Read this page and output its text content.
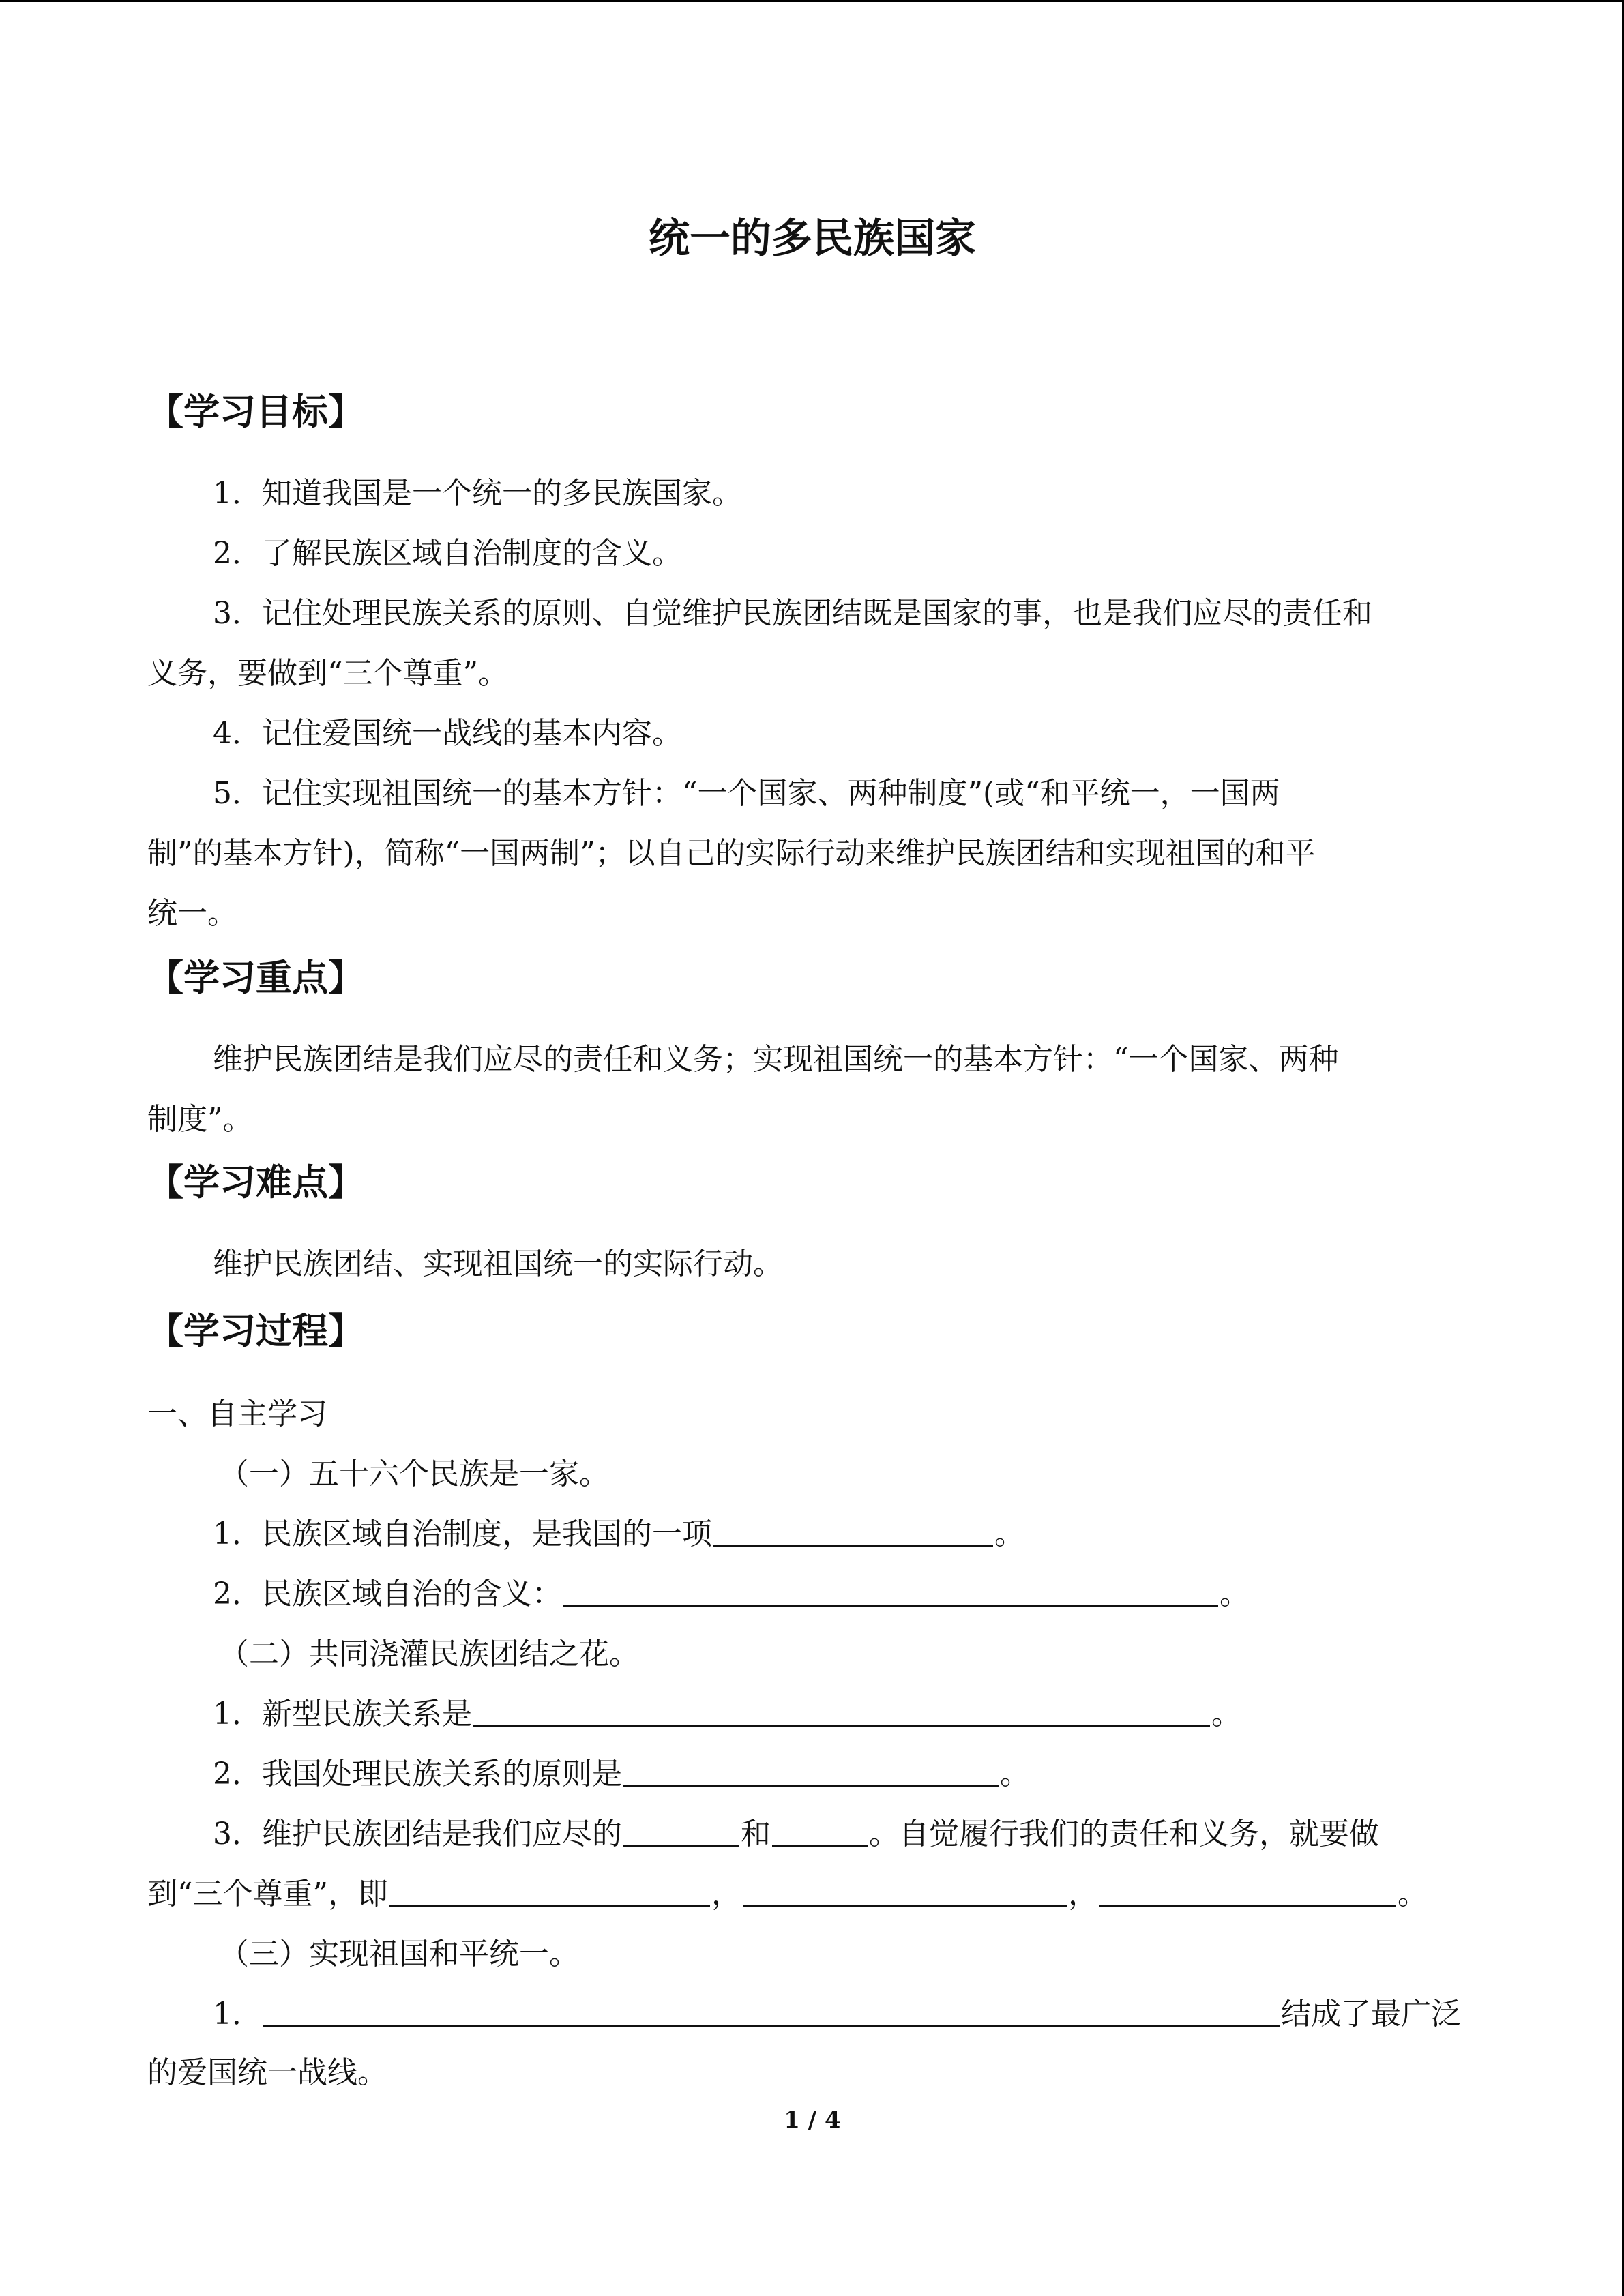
统一的多民族国家
【学习目标】
1．知道我国是一个统一的多民族国家。
2．了解民族区域自治制度的含义。
3．记住处理民族关系的原则、自觉维护民族团结既是国家的事，也是我们应尽的责任和
义务，要做到“三个尊重”。
4．记住爱国统一战线的基本内容。
5．记住实现祖国统一的基本方针：“一个国家、两种制度”(或“和平统一，一国两
制”的基本方针)，简称“一国两制”；以自己的实际行动来维护民族团结和实现祖国的和平
统一。
【学习重点】
维护民族团结是我们应尽的责任和义务；实现祖国统一的基本方针：“一个国家、两种
制度”。
【学习难点】
维护民族团结、实现祖国统一的实际行动。
【学习过程】
一、自主学习
（一）五十六个民族是一家。
1．民族区域自治制度，是我国的一项	。
2．民族区域自治的含义：	。
（二）共同浇灌民族团结之花。
1．新型民族关系是	。
2．我国处理民族关系的原则是	。
3．维护民族团结是我们应尽的	和	。自觉履行我们的责任和义务，就要做
到“三个尊重”，即	，	，	。
（三）实现祖国和平统一。
1．	结成了最广泛
的爱国统一战线。
1 / 4
